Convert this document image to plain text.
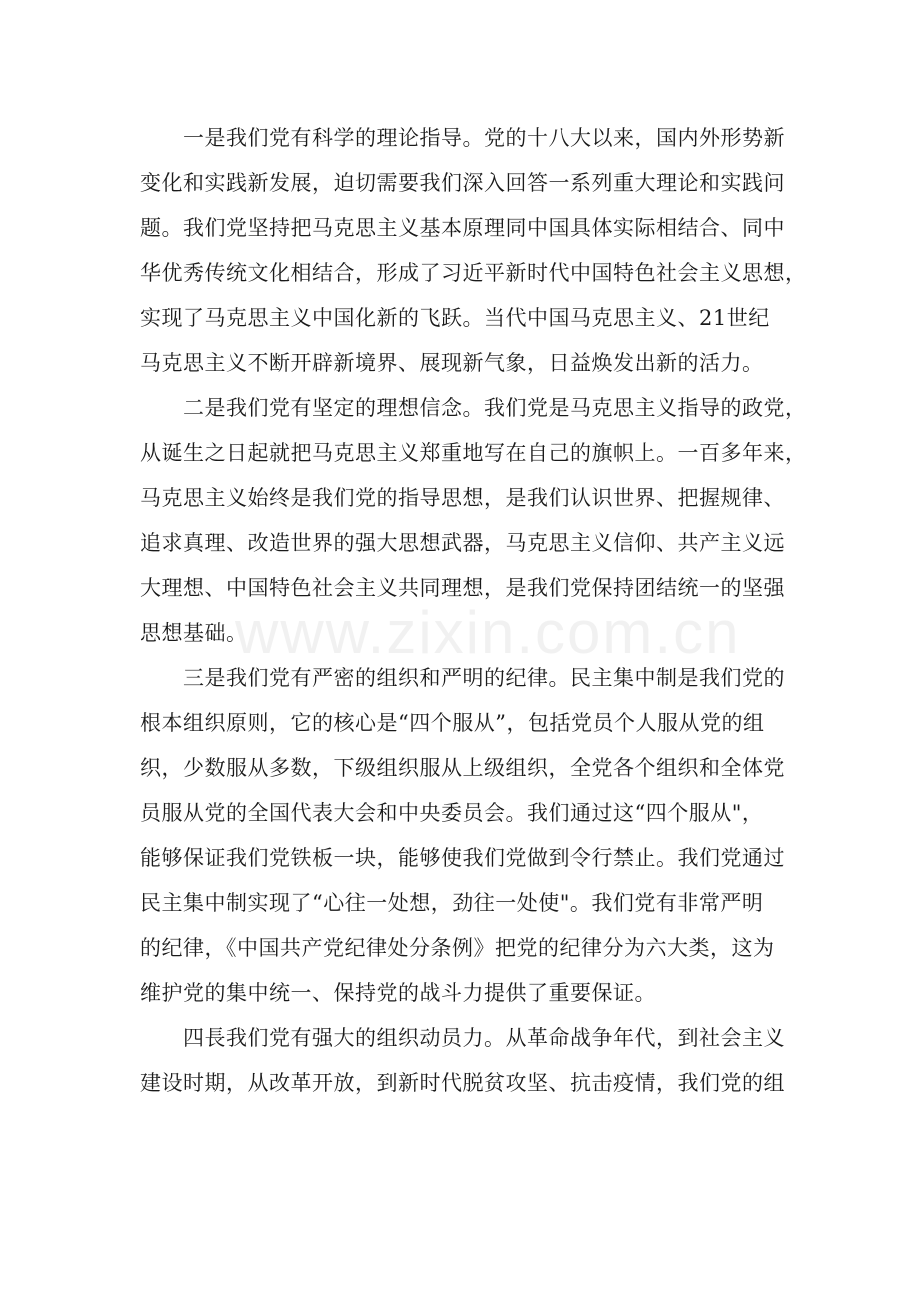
www.zixin.com.cn
一是我们党有科学的理论指导。党的十八大以来，国内外形势新
变化和实践新发展，迫切需要我们深入回答一系列重大理论和实践问
题。我们党坚持把马克思主义基本原理同中国具体实际相结合、同中
华优秀传统文化相结合，形成了习近平新时代中国特色社会主义思想，
实现了马克思主义中国化新的飞跃。当代中国马克思主义、21世纪
马克思主义不断开辟新境界、展现新气象，日益焕发出新的活力。
二是我们党有坚定的理想信念。我们党是马克思主义指导的政党，
从诞生之日起就把马克思主义郑重地写在自己的旗帜上。一百多年来，
马克思主义始终是我们党的指导思想，是我们认识世界、把握规律、
追求真理、改造世界的强大思想武器，马克思主义信仰、共产主义远
大理想、中国特色社会主义共同理想，是我们党保持团结统一的坚强
思想基础。
三是我们党有严密的组织和严明的纪律。民主集中制是我们党的
根本组织原则，它的核心是“四个服从”，包括党员个人服从党的组
织，少数服从多数，下级组织服从上级组织，全党各个组织和全体党
员服从党的全国代表大会和中央委员会。我们通过这“四个服从"，
能够保证我们党铁板一块，能够使我们党做到令行禁止。我们党通过
民主集中制实现了“心往一处想，劲往一处使"。我们党有非常严明
的纪律，《中国共产党纪律处分条例》把党的纪律分为六大类，这为
维护党的集中统一、保持党的战斗力提供了重要保证。
四長我们党有强大的组织动员力。从革命战争年代，到社会主义
建设时期，从改革开放，到新时代脱贫攻坚、抗击疫情，我们党的组
